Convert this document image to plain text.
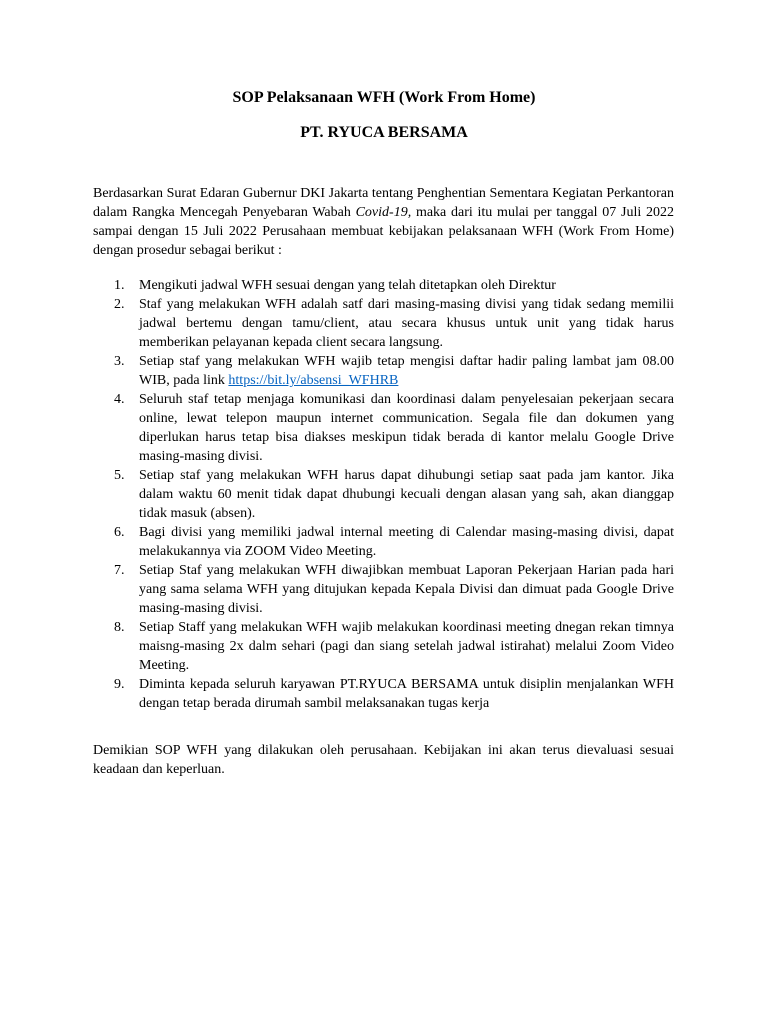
SOP Pelaksanaan WFH (Work From Home)
PT. RYUCA BERSAMA

Berdasarkan Surat Edaran Gubernur DKI Jakarta tentang Penghentian Sementara Kegiatan Perkantoran dalam Rangka Mencegah Penyebaran Wabah Covid-19, maka dari itu mulai per tanggal 07 Juli 2022 sampai dengan 15 Juli 2022 Perusahaan membuat kebijakan pelaksanaan WFH (Work From Home) dengan prosedur sebagai berikut :

1. Mengikuti jadwal WFH sesuai dengan yang telah ditetapkan oleh Direktur
2. Staf yang melakukan WFH adalah satf dari masing-masing divisi yang tidak sedang memilii jadwal bertemu dengan tamu/client, atau secara khusus untuk unit yang tidak harus memberikan pelayanan kepada client secara langsung.
3. Setiap staf yang melakukan WFH wajib tetap mengisi daftar hadir paling lambat jam 08.00 WIB, pada link https://bit.ly/absensi_WFHRB
4. Seluruh staf tetap menjaga komunikasi dan koordinasi dalam penyelesaian pekerjaan secara online, lewat telepon maupun internet communication. Segala file dan dokumen yang diperlukan harus tetap bisa diakses meskipun tidak berada di kantor melalu Google Drive masing-masing divisi.
5. Setiap staf yang melakukan WFH harus dapat dihubungi setiap saat pada jam kantor. Jika dalam waktu 60 menit tidak dapat dhubungi kecuali dengan alasan yang sah, akan dianggap tidak masuk (absen).
6. Bagi divisi yang memiliki jadwal internal meeting di Calendar masing-masing divisi, dapat melakukannya via ZOOM Video Meeting.
7. Setiap Staf yang melakukan WFH diwajibkan membuat Laporan Pekerjaan Harian pada hari yang sama selama WFH yang ditujukan kepada Kepala Divisi dan dimuat pada Google Drive masing-masing divisi.
8. Setiap Staff yang melakukan WFH wajib melakukan koordinasi meeting dnegan rekan timnya maisng-masing 2x dalm sehari (pagi dan siang setelah jadwal istirahat) melalui Zoom Video Meeting.
9. Diminta kepada seluruh karyawan PT.RYUCA BERSAMA untuk disiplin menjalankan WFH dengan tetap berada dirumah sambil melaksanakan tugas kerja

Demikian SOP WFH yang dilakukan oleh perusahaan. Kebijakan ini akan terus dievaluasi sesuai keadaan dan keperluan.
